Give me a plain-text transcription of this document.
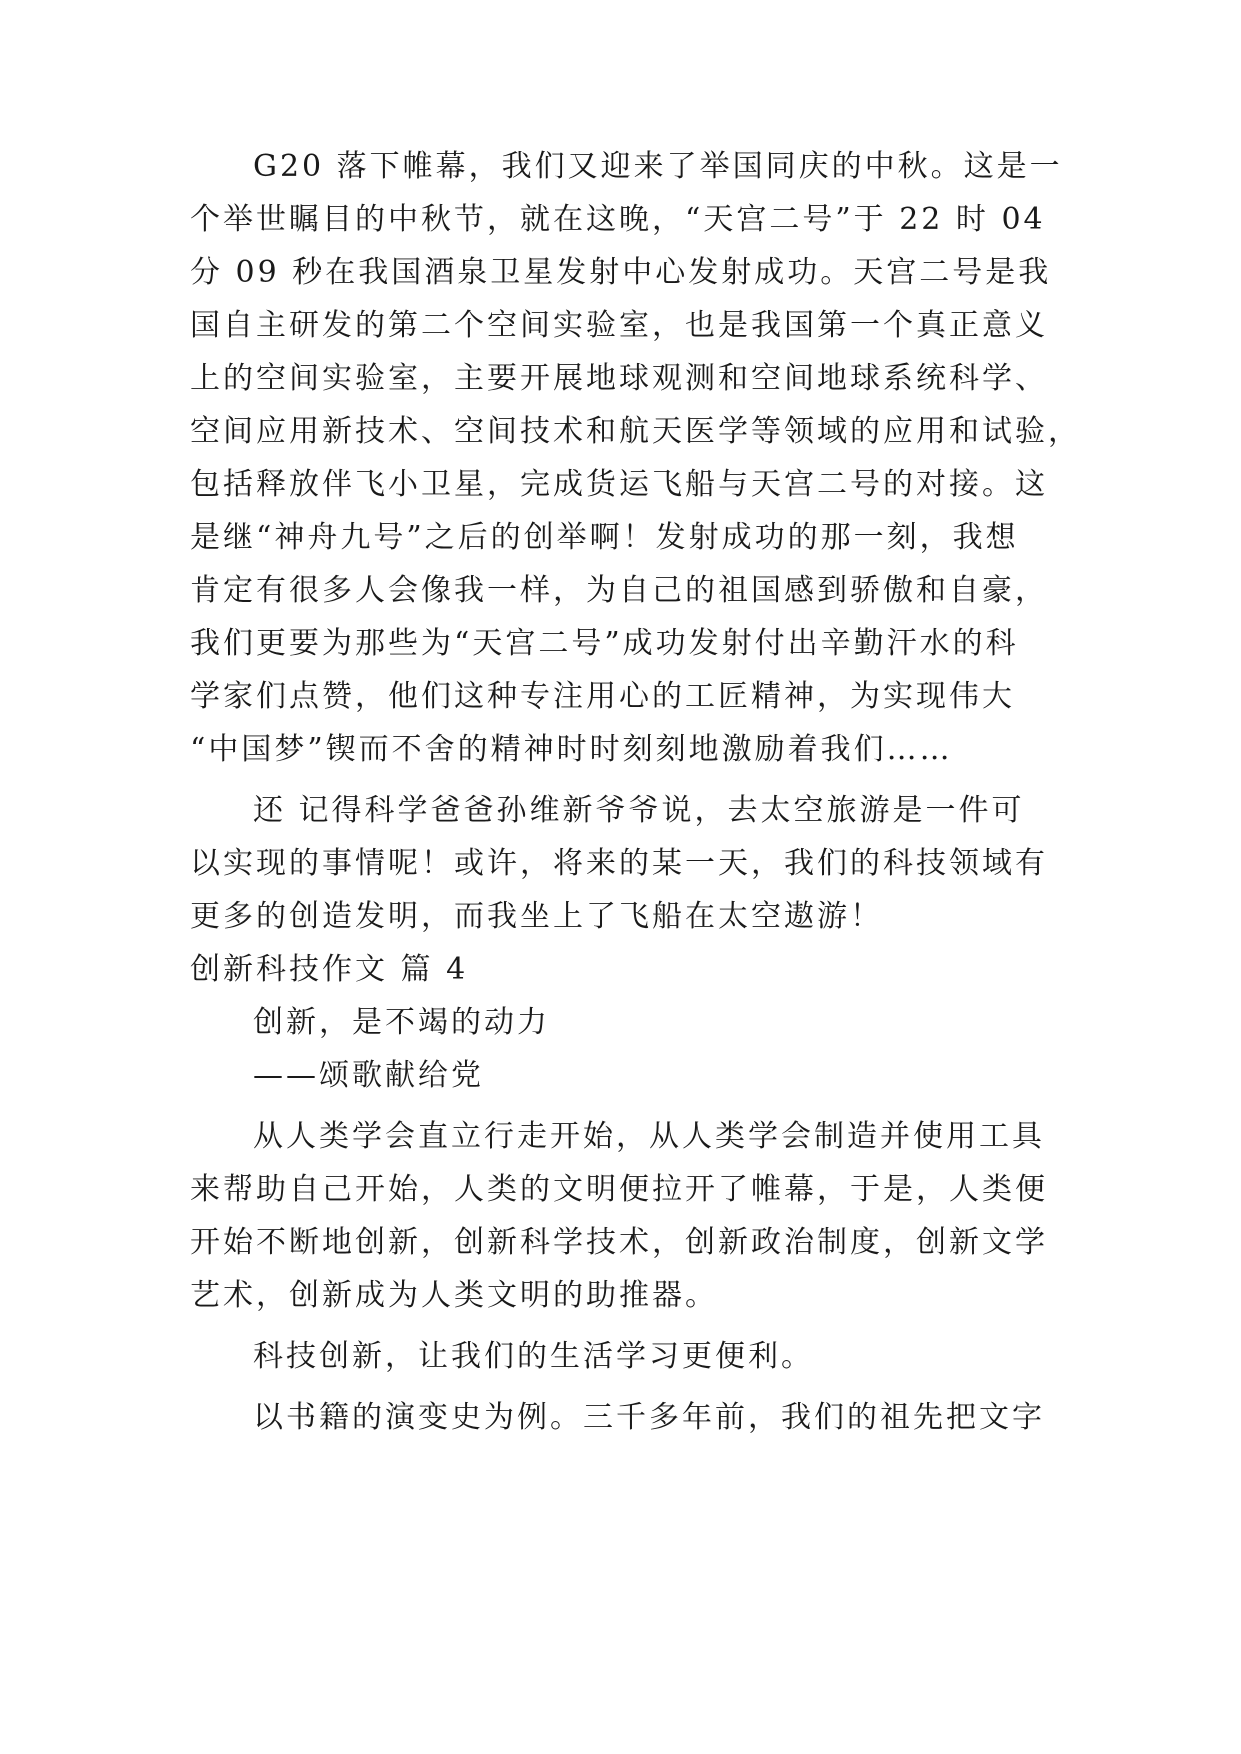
G20 落下帷幕，我们又迎来了举国同庆的中秋。这是一
个举世瞩目的中秋节，就在这晚，“天宫二号”于 22 时 04
分 09 秒在我国酒泉卫星发射中心发射成功。天宫二号是我
国自主研发的第二个空间实验室，也是我国第一个真正意义
上的空间实验室，主要开展地球观测和空间地球系统科学、
空间应用新技术、空间技术和航天医学等领域的应用和试验，
包括释放伴飞小卫星，完成货运飞船与天宫二号的对接。这
是继“神舟九号”之后的创举啊！发射成功的那一刻，我想
肯定有很多人会像我一样，为自己的祖国感到骄傲和自豪，
我们更要为那些为“天宫二号”成功发射付出辛勤汗水的科
学家们点赞，他们这种专注用心的工匠精神，为实现伟大
“中国梦”锲而不舍的精神时时刻刻地激励着我们……
还 记得科学爸爸孙维新爷爷说，去太空旅游是一件可
以实现的事情呢！或许，将来的某一天，我们的科技领域有
更多的创造发明，而我坐上了飞船在太空遨游！
创新科技作文 篇 4
创新，是不竭的动力
——颂歌献给党
从人类学会直立行走开始，从人类学会制造并使用工具
来帮助自己开始，人类的文明便拉开了帷幕，于是，人类便
开始不断地创新，创新科学技术，创新政治制度，创新文学
艺术，创新成为人类文明的助推器。
科技创新，让我们的生活学习更便利。
以书籍的演变史为例。三千多年前，我们的祖先把文字
